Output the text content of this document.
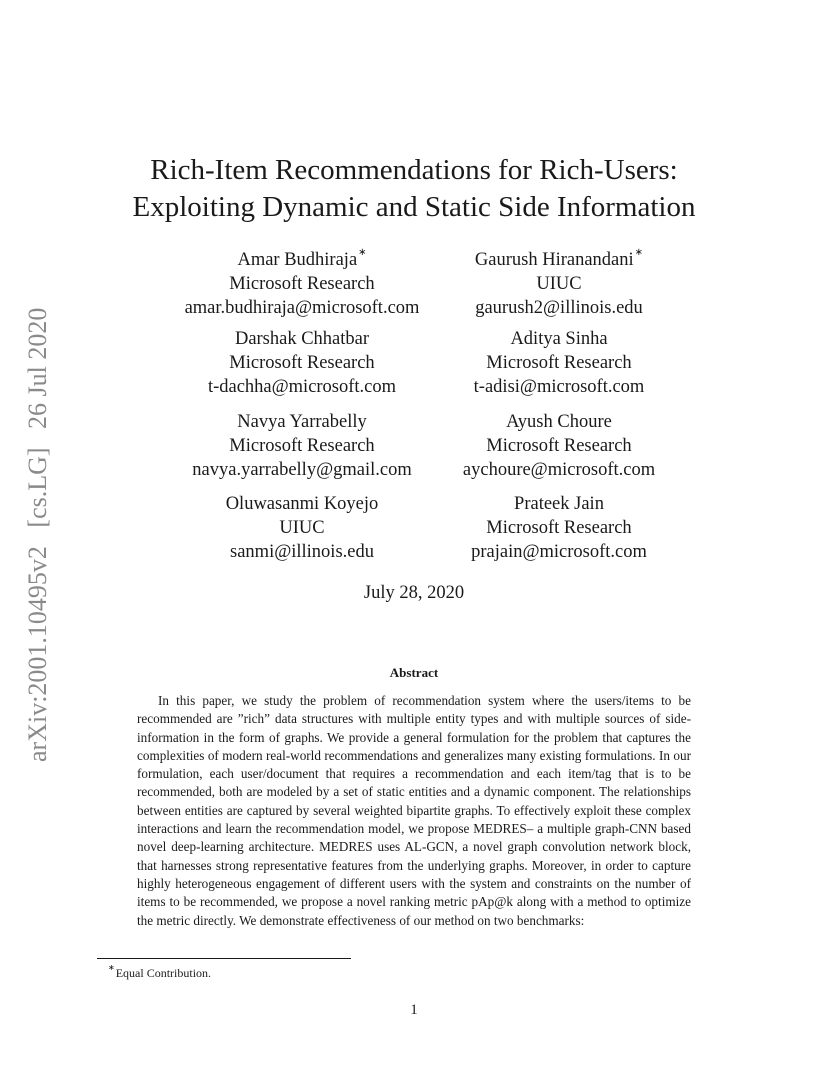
arXiv:2001.10495v2 [cs.LG] 26 Jul 2020
Rich-Item Recommendations for Rich-Users:
Exploiting Dynamic and Static Side Information
Amar Budhiraja∗
Microsoft Research
amar.budhiraja@microsoft.com
Gaurush Hiranandani∗
UIUC
gaurush2@illinois.edu
Darshak Chhatbar
Microsoft Research
t-dachha@microsoft.com
Aditya Sinha
Microsoft Research
t-adisi@microsoft.com
Navya Yarrabelly
Microsoft Research
navya.yarrabelly@gmail.com
Ayush Choure
Microsoft Research
aychoure@microsoft.com
Oluwasanmi Koyejo
UIUC
sanmi@illinois.edu
Prateek Jain
Microsoft Research
prajain@microsoft.com
July 28, 2020
Abstract

In this paper, we study the problem of recommendation system where the users/items to be recommended are ”rich” data structures with multiple entity types and with multiple sources of side-information in the form of graphs. We provide a general formulation for the problem that captures the complexities of modern real-world recommendations and generalizes many existing formulations. In our formulation, each user/document that requires a recommendation and each item/tag that is to be recommended, both are modeled by a set of static entities and a dynamic component. The relationships between entities are captured by several weighted bipartite graphs. To effectively exploit these complex interactions and learn the recommendation model, we propose MEDRES– a multiple graph-CNN based novel deep-learning architecture. MEDRES uses AL-GCN, a novel graph convolution network block, that harnesses strong representative features from the underlying graphs. Moreover, in order to capture highly heterogeneous engagement of different users with the system and constraints on the number of items to be recommended, we propose a novel ranking metric pAp@k along with a method to optimize the metric directly. We demonstrate effectiveness of our method on two benchmarks:

∗Equal Contribution.
1
